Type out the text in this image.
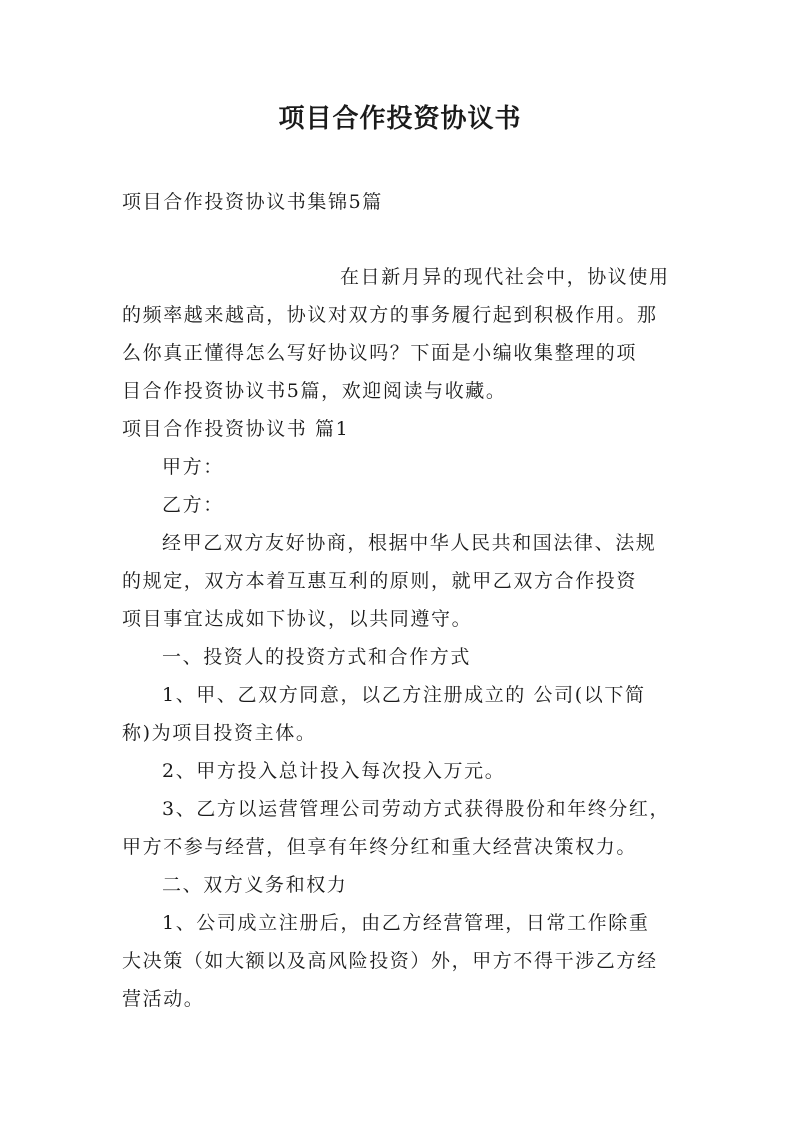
项目合作投资协议书

项目合作投资协议书集锦5篇

在日新月异的现代社会中，协议使用

的频率越来越高，协议对双方的事务履行起到积极作用。那

么你真正懂得怎么写好协议吗？下面是小编收集整理的项

目合作投资协议书5篇，欢迎阅读与收藏。

项目合作投资协议书 篇1

甲方：

乙方：

经甲乙双方友好协商，根据中华人民共和国法律、法规

的规定，双方本着互惠互利的原则，就甲乙双方合作投资

项目事宜达成如下协议，以共同遵守。

一、投资人的投资方式和合作方式

1、甲、乙双方同意，以乙方注册成立的 公司(以下简

称)为项目投资主体。

2、甲方投入总计投入每次投入万元。

3、乙方以运营管理公司劳动方式获得股份和年终分红，

甲方不参与经营，但享有年终分红和重大经营决策权力。

二、双方义务和权力

1、公司成立注册后，由乙方经营管理，日常工作除重

大决策（如大额以及高风险投资）外，甲方不得干涉乙方经

营活动。
